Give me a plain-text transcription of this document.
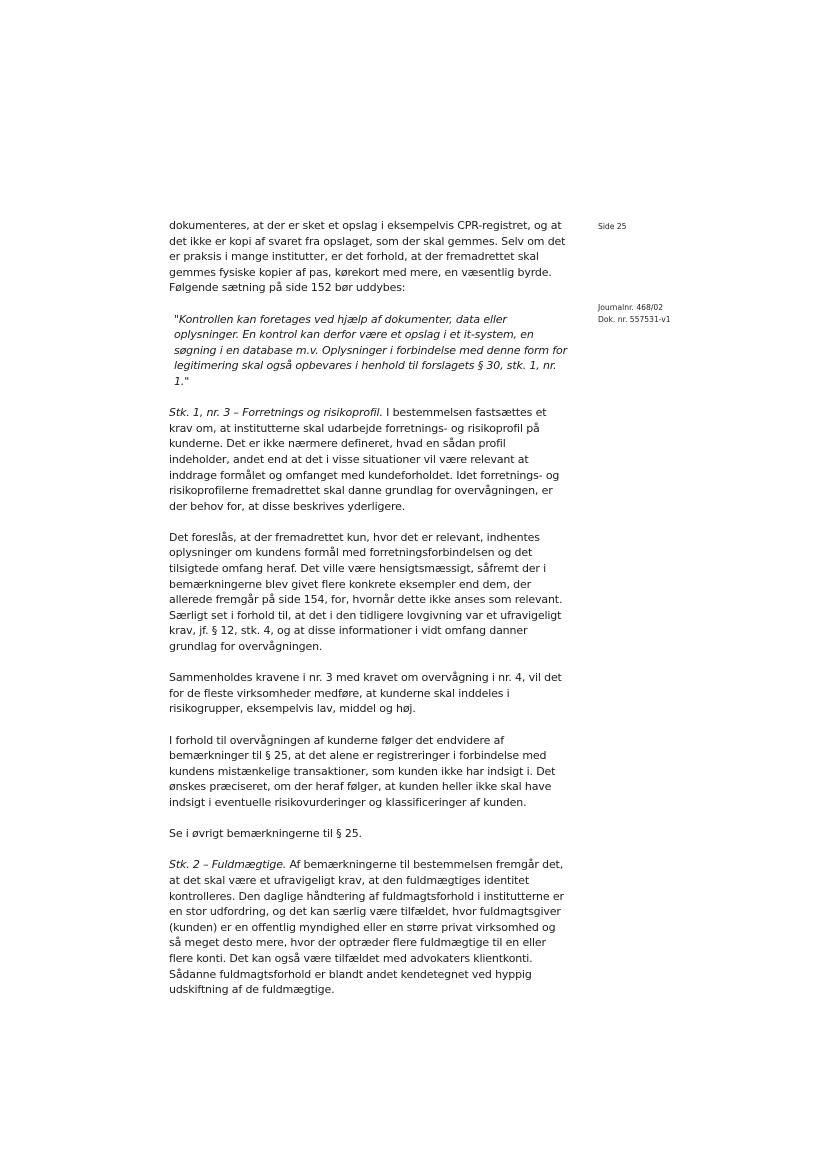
Side 25
Journalnr. 468/02
Dok. nr. 557531-v1

dokumenteres, at der er sket et opslag i eksempelvis CPR-registret, og at det ikke er kopi af svaret fra opslaget, som der skal gemmes. Selv om det er praksis i mange institutter, er det forhold, at der fremadrettet skal gemmes fysiske kopier af pas, kørekort med mere, en væsentlig byrde. Følgende sætning på side 152 bør uddybes:

"Kontrollen kan foretages ved hjælp af dokumenter, data eller oplysninger. En kontrol kan derfor være et opslag i et it-system, en søgning i en database m.v. Oplysninger i forbindelse med denne form for legitimering skal også opbevares i henhold til forslagets § 30, stk. 1, nr. 1."

Stk. 1, nr. 3 – Forretnings og risikoprofil. I bestemmelsen fastsættes et krav om, at institutterne skal udarbejde forretnings- og risikoprofil på kunderne. Det er ikke nærmere defineret, hvad en sådan profil indeholder, andet end at det i visse situationer vil være relevant at inddrage formålet og omfanget med kundeforholdet. Idet forretnings- og risikoprofilerne fremadrettet skal danne grundlag for overvågningen, er der behov for, at disse beskrives yderligere.

Det foreslås, at der fremadrettet kun, hvor det er relevant, indhentes oplysninger om kundens formål med forretningsforbindelsen og det tilsigtede omfang heraf. Det ville være hensigtsmæssigt, såfremt der i bemærkningerne blev givet flere konkrete eksempler end dem, der allerede fremgår på side 154, for, hvornår dette ikke anses som relevant. Særligt set i forhold til, at det i den tidligere lovgivning var et ufravigeligt krav, jf. § 12, stk. 4, og at disse informationer i vidt omfang danner grundlag for overvågningen.

Sammenholdes kravene i nr. 3 med kravet om overvågning i nr. 4, vil det for de fleste virksomheder medføre, at kunderne skal inddeles i risikogrupper, eksempelvis lav, middel og høj.

I forhold til overvågningen af kunderne følger det endvidere af bemærkninger til § 25, at det alene er registreringer i forbindelse med kundens mistænkelige transaktioner, som kunden ikke har indsigt i. Det ønskes præciseret, om der heraf følger, at kunden heller ikke skal have indsigt i eventuelle risikovurderinger og klassificeringer af kunden.

Se i øvrigt bemærkningerne til § 25.

Stk. 2 – Fuldmægtige. Af bemærkningerne til bestemmelsen fremgår det, at det skal være et ufravigeligt krav, at den fuldmægtiges identitet kontrolleres. Den daglige håndtering af fuldmagtsforhold i institutterne er en stor udfordring, og det kan særlig være tilfældet, hvor fuldmagtsgiver (kunden) er en offentlig myndighed eller en større privat virksomhed og så meget desto mere, hvor der optræder flere fuldmægtige til en eller flere konti. Det kan også være tilfældet med advokaters klientkonti. Sådanne fuldmagtsforhold er blandt andet kendetegnet ved hyppig udskiftning af de fuldmægtige.
